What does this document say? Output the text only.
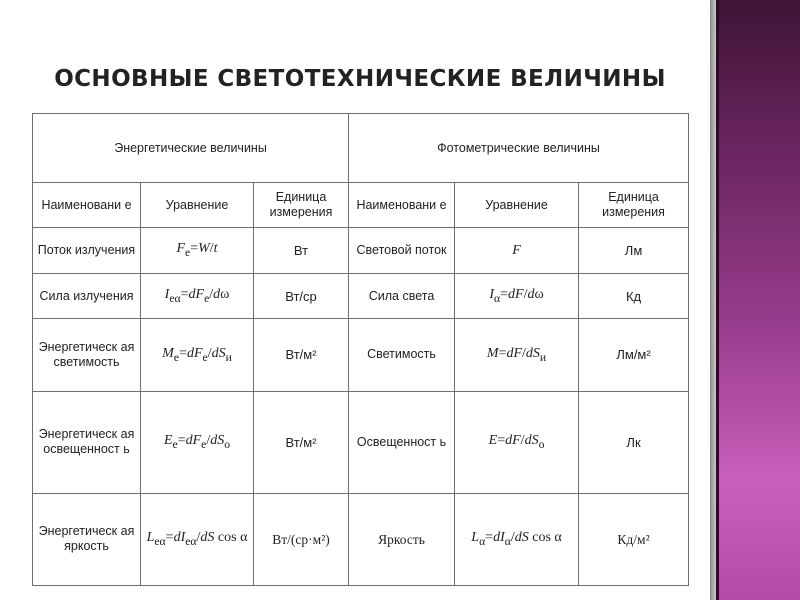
ОСНОВНЫЕ СВЕТОТЕХНИЧЕСКИЕ ВЕЛИЧИНЫ
Энергетические величины			Фотометрические величины		
Наименовани е	Уравнение	Единица измерения	Наименовани е	Уравнение	Единица измерения
Поток излучения	$F_e=W/t$	Вт	Световой поток	F	Лм
Сила излучения	$I_{e\alpha}=dF_e/d\omega$	Вт/ср	Сила света	$I_\alpha=dF/d\omega$	Кд
Энергетическ ая светимость	$M_e=dF_e/dS_и$	Вт/м²	Светимость	$M=dF/dS_и$	Лм/м²
Энергетическ ая освещенност ь	$E_e=dF_e/dS_o$	Вт/м²	Освещенност ь	$E=dF/dS_o$	Лк
Энергетическ ая яркость	$L_{e\alpha}=dI_{e\alpha}/dS$ cos α	Вт/(ср·м²)	Яркость	$L_\alpha=dI_\alpha/dS$ cos α	Кд/м²
